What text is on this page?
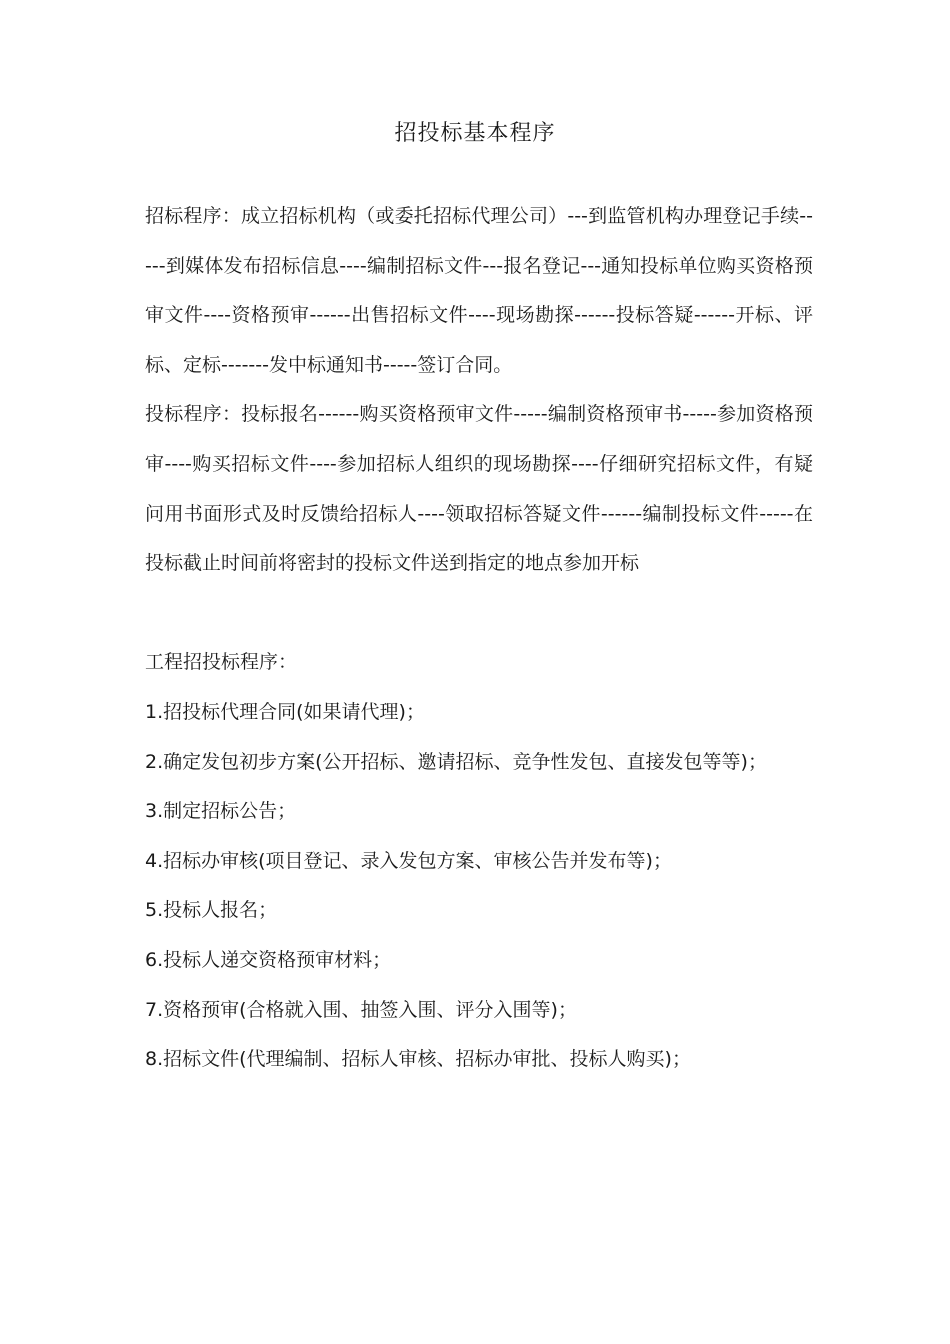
招投标基本程序

招标程序：成立招标机构（或委托招标代理公司）---到监管机构办理登记手续-----到媒体发布招标信息----编制招标文件---报名登记---通知投标单位购买资格预审文件----资格预审------出售招标文件----现场勘探------投标答疑------开标、评标、定标-------发中标通知书-----签订合同。

投标程序：投标报名------购买资格预审文件-----编制资格预审书-----参加资格预审----购买招标文件----参加招标人组织的现场勘探----仔细研究招标文件，有疑问用书面形式及时反馈给招标人----领取招标答疑文件------编制投标文件-----在投标截止时间前将密封的投标文件送到指定的地点参加开标

工程招投标程序：

1.招投标代理合同(如果请代理)；

2.确定发包初步方案(公开招标、邀请招标、竞争性发包、直接发包等等)；

3.制定招标公告；

4.招标办审核(项目登记、录入发包方案、审核公告并发布等)；

5.投标人报名；

6.投标人递交资格预审材料；

7.资格预审(合格就入围、抽签入围、评分入围等)；

8.招标文件(代理编制、招标人审核、招标办审批、投标人购买)；
